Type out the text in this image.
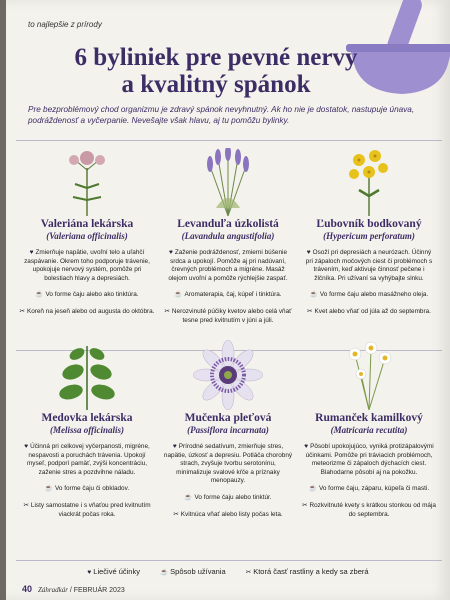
to najlepšie z prírody
6 byliniek pre pevné nervy
a kvalitný spánok
Pre bezproblémový chod organizmu je zdravý spánok nevyhnutný. Ak ho nie je dostatok, nastupuje únava, podráždenosť a vyčerpanie. Nevešajte však hlavu, aj tu pomôžu bylinky.
Valeriána lekárska
(Valeriana officinalis)
♥ Zmierňuje napätie, uvoľní telo a uľahčí zaspávanie. Okrem toho podporuje trávenie, upokojuje nervový systém, pomôže pri bolestiach hlavy a depresiách.
☕ Vo forme čaju alebo ako tinktúra.
✂ Koreň na jeseň alebo od augusta do októbra.
Levanduľa úzkolistá
(Lavandula angustifolia)
♥ Zaženie podráždenosť, zmierni búšenie srdca a upokojí. Pomôže aj pri nadúvaní, črevných problémoch a migréne. Masáž olejom uvoľní a pomôže rýchlejšie zaspať.
☕ Aromaterapia, čaj, kúpeľ i tinktúra.
✂ Nerozvinuté púčiky kvetov alebo celá vňať tesne pred kvitnutím v júni a júli.
Ľubovník bodkovaný
(Hypericum perforatum)
♥ Osoží pri depresiách a neurózach. Účinný pri zápaloch močových ciest či problémoch s trávením, keď aktivuje činnosť pečene i žlčníka. Pri užívaní sa vyhýbajte slnku.
☕ Vo forme čaju alebo masážneho oleja.
✂ Kvet alebo vňať od júla až do septembra.
Medovka lekárska
(Melissa officinalis)
♥ Účinná pri celkovej vyčerpanosti, migréne, nespavosti a poruchách trávenia. Upokojí myseľ, podporí pamäť, zvýši koncentráciu, zaženie stres a pozdvihne náladu.
☕ Vo forme čaju či obkladov.
✂ Listy samostatne i s vňaťou pred kvitnutím viackrát počas roka.
Mučenka pleťová
(Passiflora incarnata)
♥ Prírodné sedatívum, zmierňuje stres, napätie, úzkosť a depresiu. Potláča chorobný strach, zvyšuje tvorbu serotonínu, minimalizuje svalové kŕče a príznaky menopauzy.
☕ Vo forme čaju alebo tinktúr.
✂ Kvitnúca vňať alebo listy počas leta.
Rumanček kamilkový
(Matricaria recutita)
♥ Pôsobí upokojujúco, vyniká protizápalovými účinkami. Pomôže pri tráviacich problémoch, meteorizme či zápaloch dýchacích ciest. Blahodarne pôsobí aj na pokožku.
☕ Vo forme čaju, záparu, kúpeľa či masti.
✂ Rozkvitnuté kvety s krátkou stonkou od mája do septembra.
♥ Liečivé účinky	☕ Spôsob užívania	✂ Ktorá časť rastliny a kedy sa zberá
40 Záhradkár / FEBRUÁR 2023
